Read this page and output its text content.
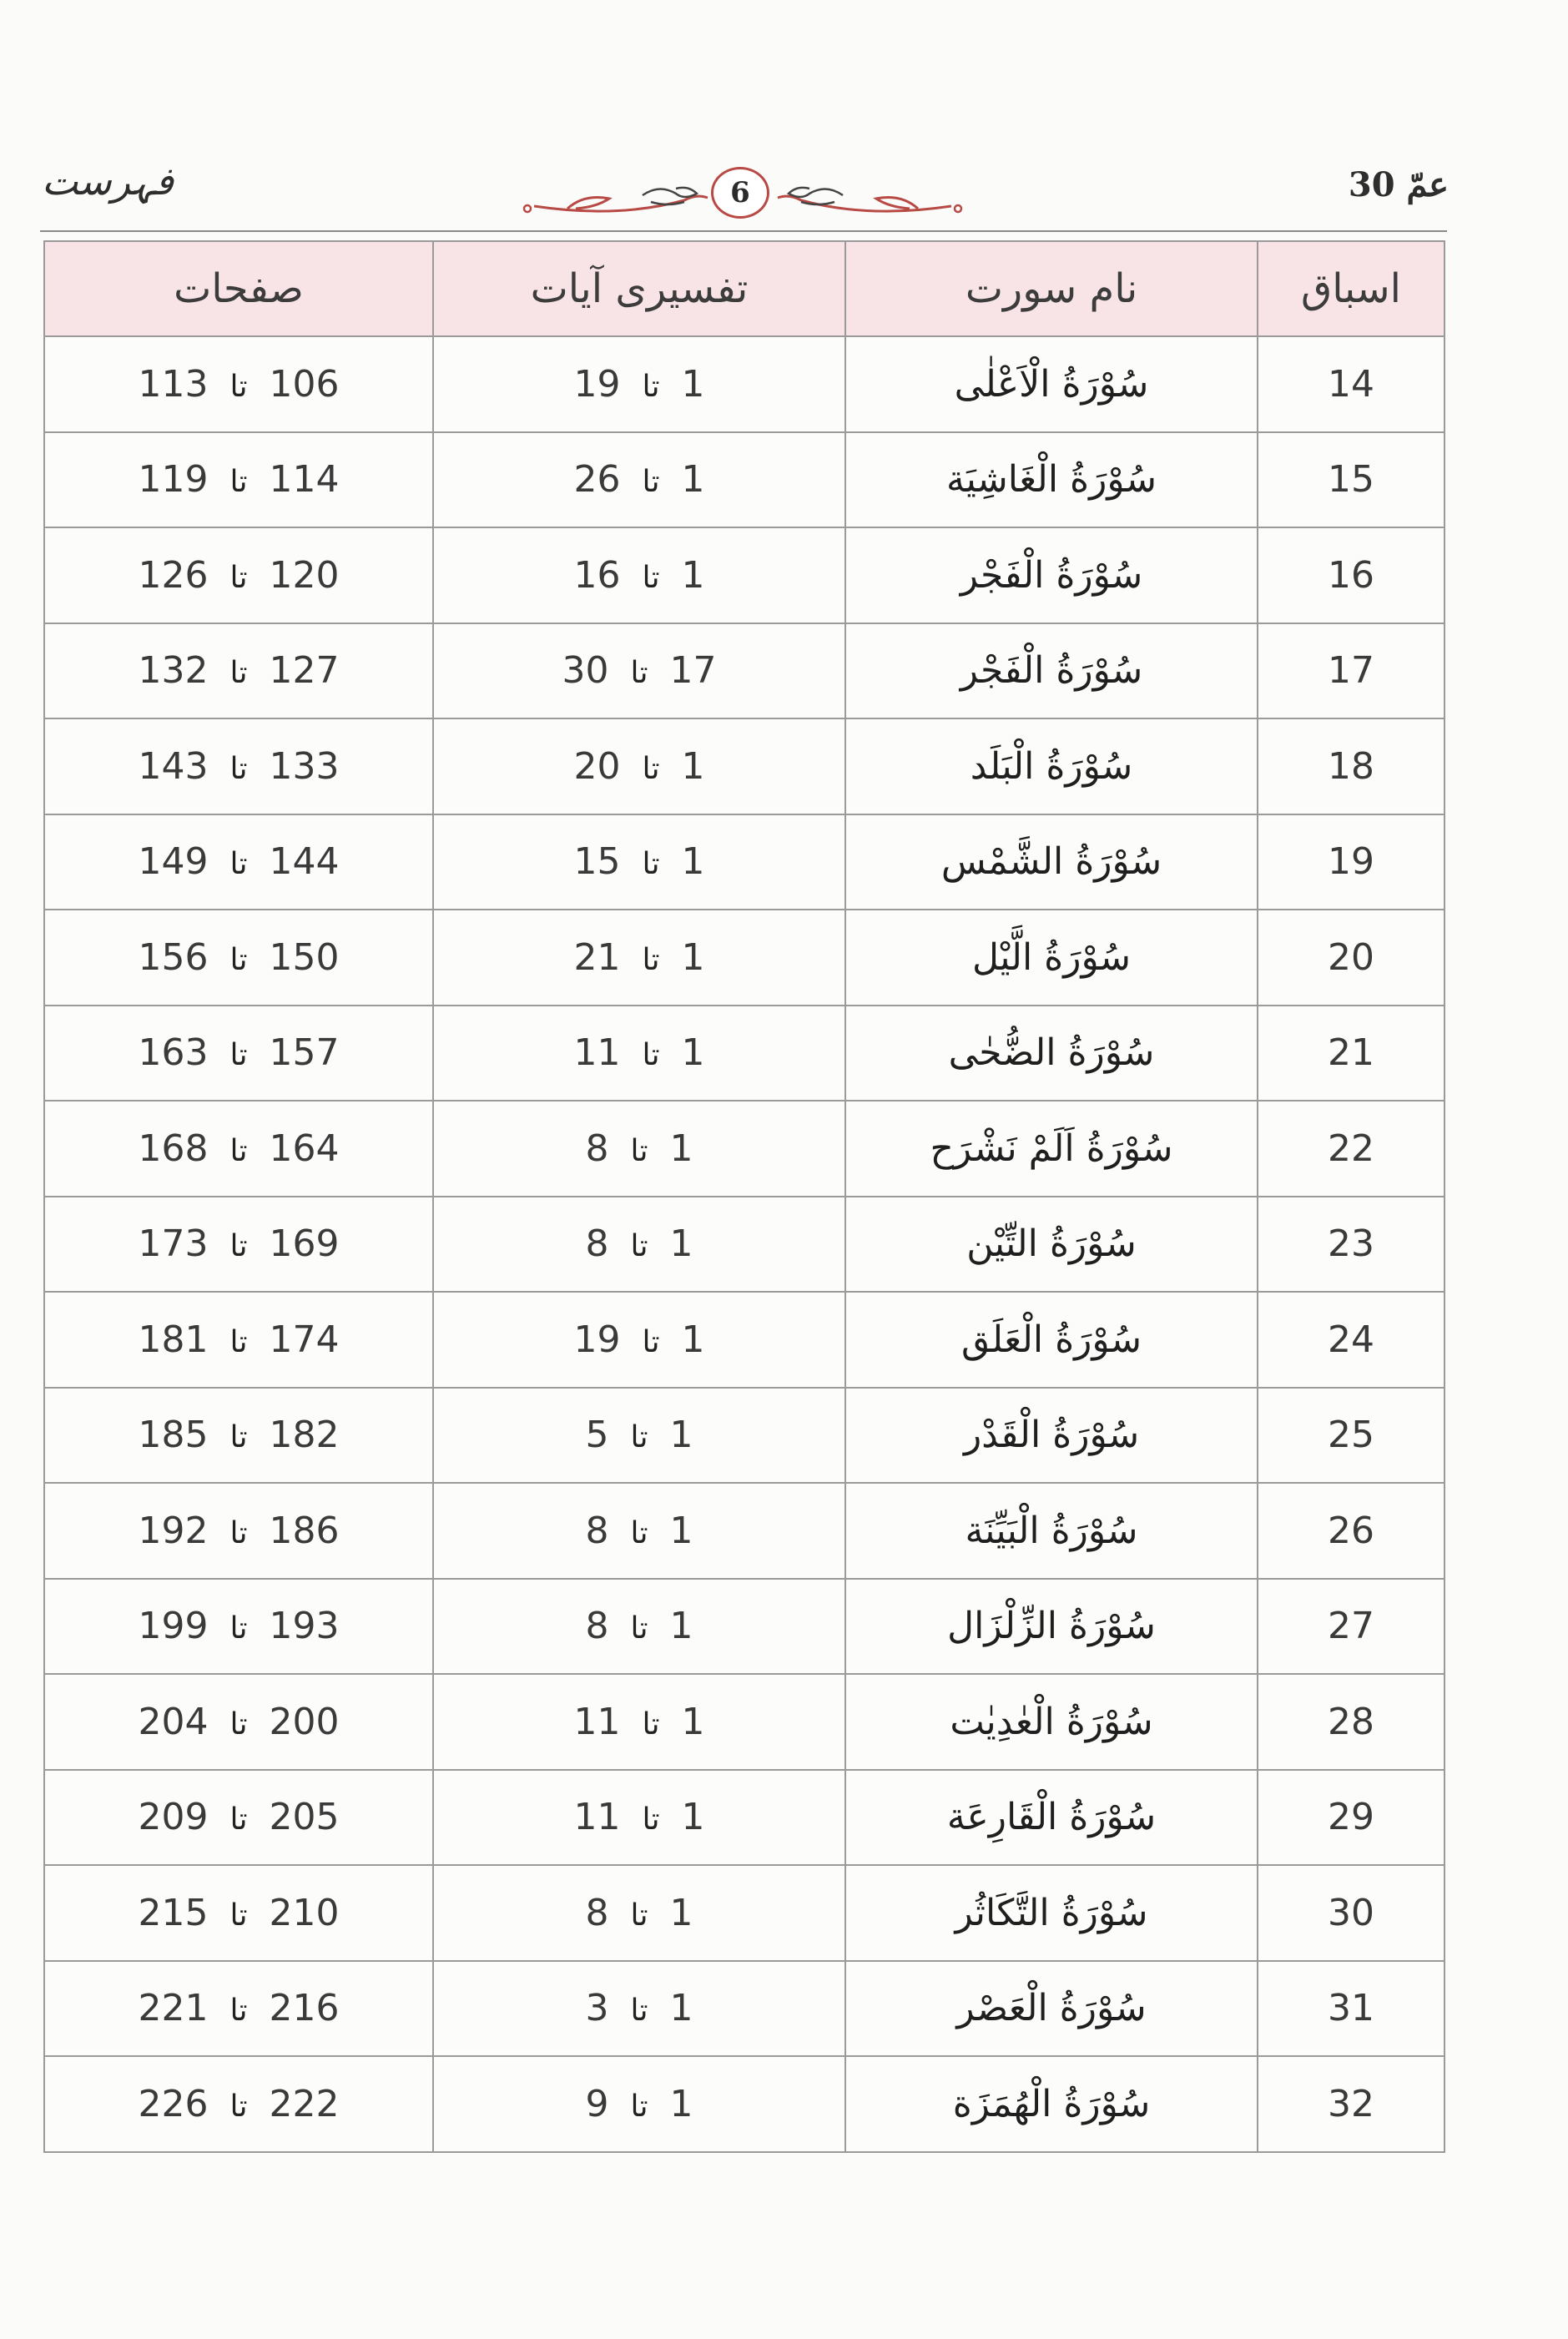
فہرست	عمّ 30
6
اسباق	نام سورت	تفسیری آیات	صفحات
14	سُوْرَةُ الْاَعْلٰى	1تا19	106تا113
15	سُوْرَةُ الْغَاشِيَة	1تا26	114تا119
16	سُوْرَةُ الْفَجْر	1تا16	120تا126
17	سُوْرَةُ الْفَجْر	17تا30	127تا132
18	سُوْرَةُ الْبَلَد	1تا20	133تا143
19	سُوْرَةُ الشَّمْس	1تا15	144تا149
20	سُوْرَةُ الَّيْل	1تا21	150تا156
21	سُوْرَةُ الضُّحٰى	1تا11	157تا163
22	سُوْرَةُ اَلَمْ نَشْرَح	1تا8	164تا168
23	سُوْرَةُ التِّيْن	1تا8	169تا173
24	سُوْرَةُ الْعَلَق	1تا19	174تا181
25	سُوْرَةُ الْقَدْر	1تا5	182تا185
26	سُوْرَةُ الْبَيِّنَة	1تا8	186تا192
27	سُوْرَةُ الزِّلْزَال	1تا8	193تا199
28	سُوْرَةُ الْعٰدِيٰت	1تا11	200تا204
29	سُوْرَةُ الْقَارِعَة	1تا11	205تا209
30	سُوْرَةُ التَّكَاثُر	1تا8	210تا215
31	سُوْرَةُ الْعَصْر	1تا3	216تا221
32	سُوْرَةُ الْهُمَزَة	1تا9	222تا226
